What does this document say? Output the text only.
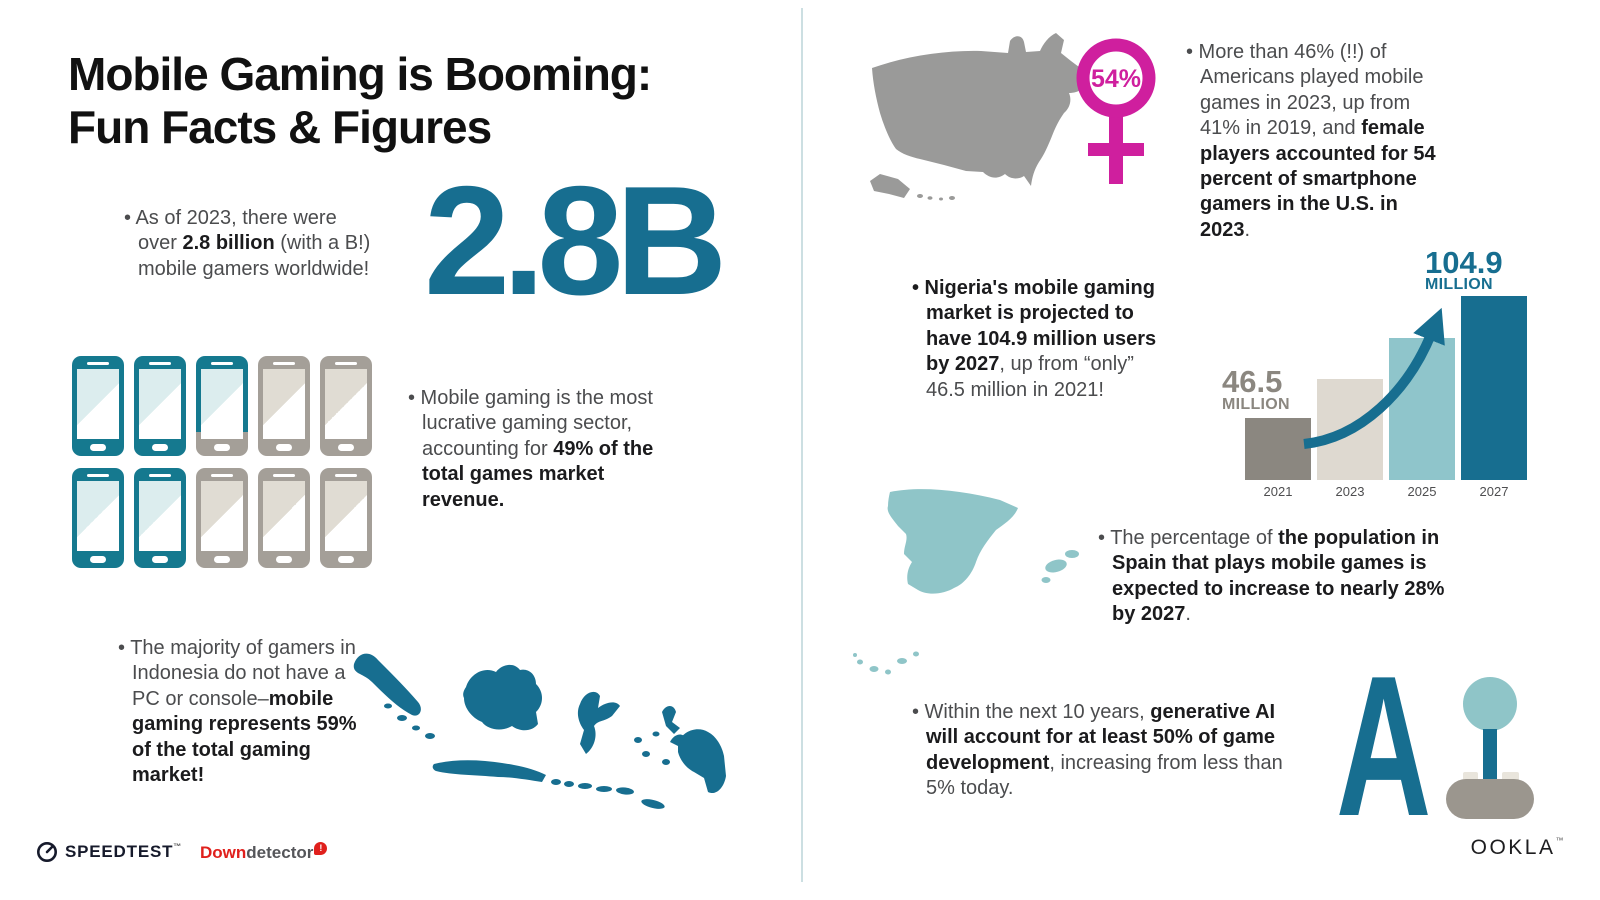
Mobile Gaming is Booming:
Fun Facts & Figures

• As of 2023, there were over 2.8 billion (with a B!) mobile gamers worldwide! 2.8B

• Mobile gaming is the most lucrative gaming sector, accounting for 49% of the total games market revenue.

• The majority of gamers in Indonesia do not have a PC or console–mobile gaming represents 59% of the total gaming market!

54%

• More than 46% (!!) of Americans played mobile games in 2023, up from 41% in 2019, and female players accounted for 54 percent of smartphone gamers in the U.S. in 2023.

• Nigeria's mobile gaming market is projected to have 104.9 million users by 2027, up from “only” 46.5 million in 2021!	46.5
MILLION
104.9
MILLION
2021	2023	2025	2027

• The percentage of the population in Spain that plays mobile games is expected to increase to nearly 28% by 2027.

• Within the next 10 years, generative AI will account for at least 50% of game development, increasing from less than 5% today.	A
SPEEDTEST™ Downdetector !	OOKLA™
